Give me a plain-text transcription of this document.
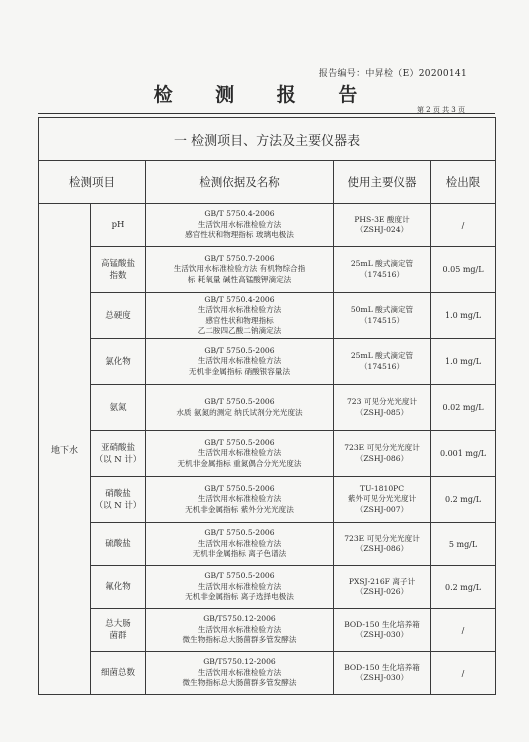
报告编号：中昇检（E）20200141
检 测 报 告
第 2 页 共 3 页
一 检测项目、方法及主要仪器表				
检测项目		检测依据及名称	使用主要仪器	检出限
地下水	pH	GB/T 5750.4-2006
生活饮用水标准检验方法
感官性状和物理指标 玻璃电极法	PHS-3E 酸度计
（ZSHJ-024）	/

	高锰酸盐
指数	GB/T 5750.7-2006
生活饮用水标准检验方法 有机物综合指
标 耗氧量 碱性高锰酸钾滴定法	25mL 酸式滴定管
（174516）	0.05 mg/L

	总硬度	GB/T 5750.4-2006
生活饮用水标准检验方法
感官性状和物理指标
乙二胺四乙酸二钠滴定法	50mL 酸式滴定管
（174515）	1.0 mg/L

	氯化物	GB/T 5750.5-2006
生活饮用水标准检验方法
无机非金属指标 硝酸银容量法	25mL 酸式滴定管
（174516）	1.0 mg/L

	氨氮	GB/T 5750.5-2006
水质 氨氮的测定 纳氏试剂分光光度法	723 可见分光光度计
（ZSHJ-085）	0.02 mg/L

	亚硝酸盐
（以 N 计）	GB/T 5750.5-2006
生活饮用水标准检验方法
无机非金属指标 重氮偶合分光光度法	723E 可见分光光度计
（ZSHJ-086）	0.001 mg/L

	硝酸盐
（以 N 计）	GB/T 5750.5-2006
生活饮用水标准检验方法
无机非金属指标 紫外分光光度法	TU-1810PC
紫外可见分光光度计
（ZSHJ-007）	0.2 mg/L

	硫酸盐	GB/T 5750.5-2006
生活饮用水标准检验方法
无机非金属指标 离子色谱法	723E 可见分光光度计
（ZSHJ-086）	5 mg/L

	氟化物	GB/T 5750.5-2006
生活饮用水标准检验方法
无机非金属指标 离子选择电极法	PXSJ-216F 离子计
（ZSHJ-026）	0.2 mg/L

	总大肠
菌群	GB/T5750.12-2006
生活饮用水标准检验方法
微生物指标总大肠菌群多管发酵法	BOD-150 生化培养箱
（ZSHJ-030）	/

	细菌总数	GB/T5750.12-2006
生活饮用水标准检验方法
微生物指标总大肠菌群多管发酵法	BOD-150 生化培养箱
（ZSHJ-030）	/
